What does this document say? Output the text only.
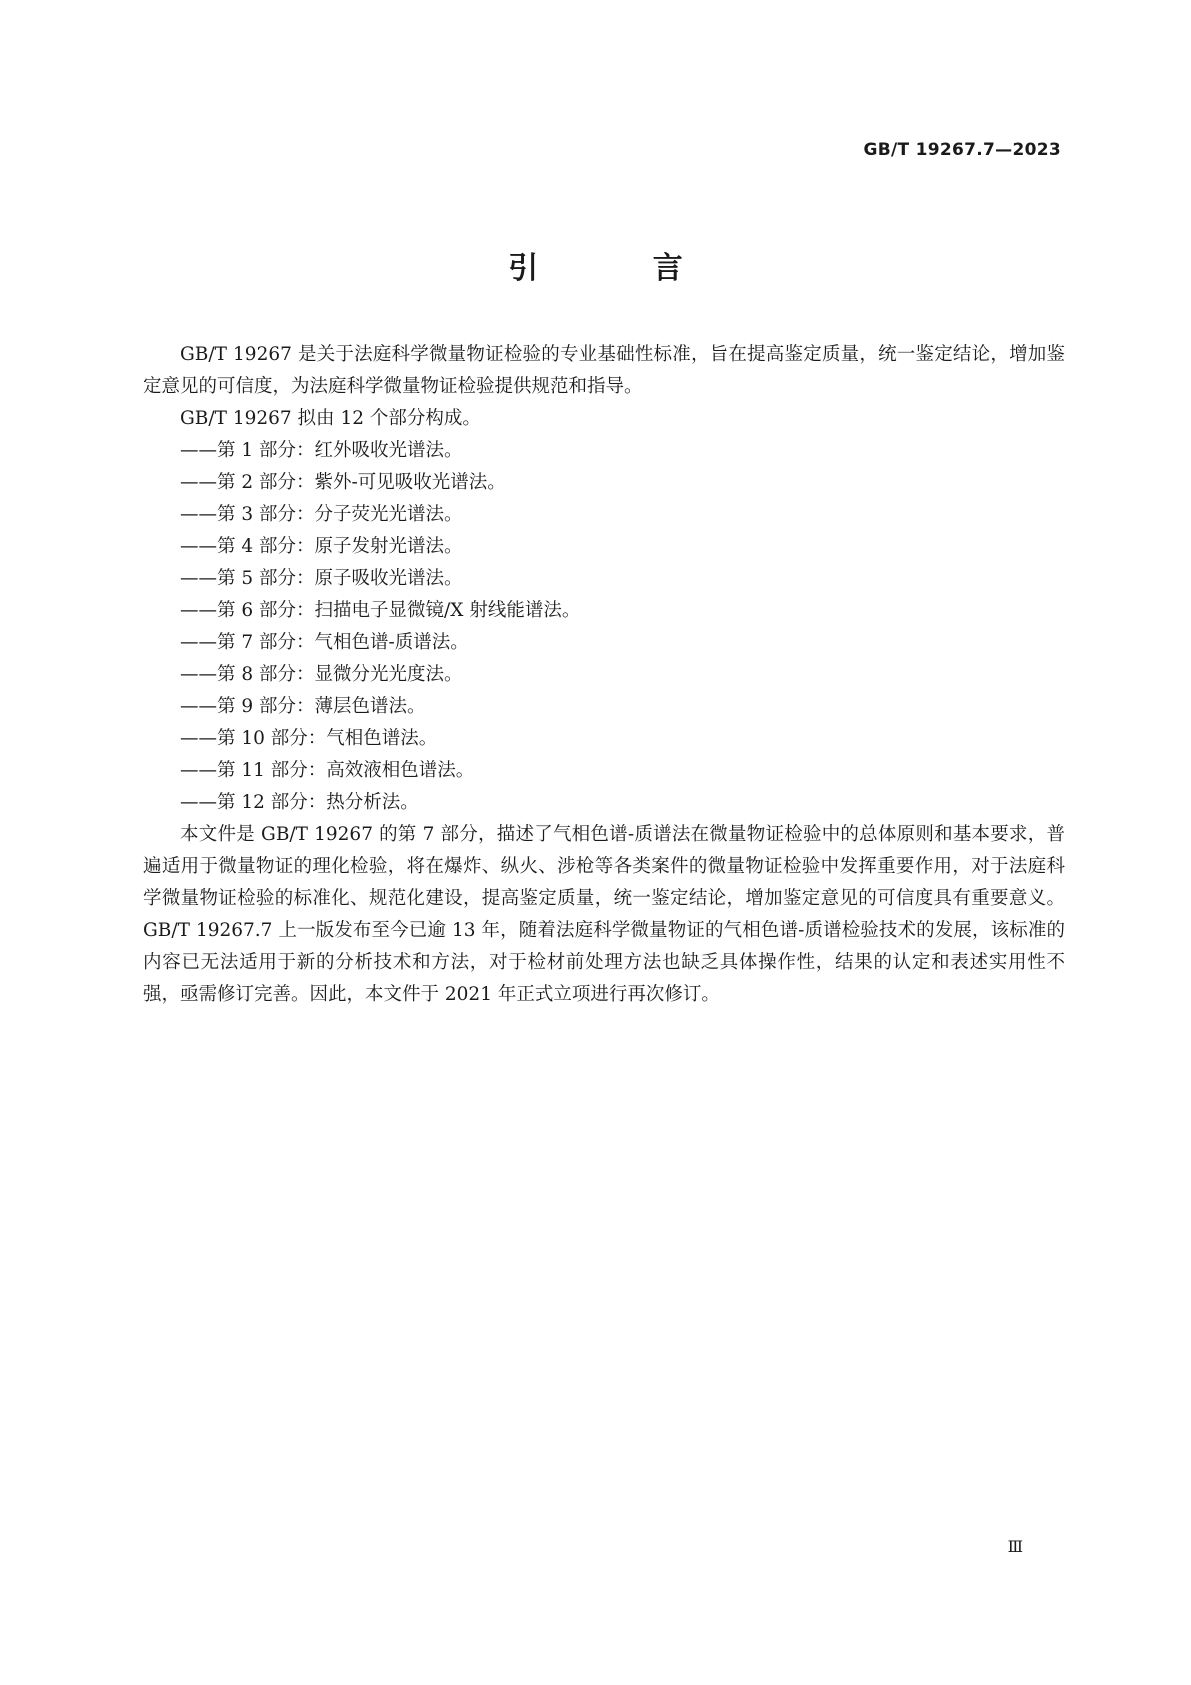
GB/T 19267.7—2023
引 言

GB/T 19267 是关于法庭科学微量物证检验的专业基础性标准，旨在提高鉴定质量，统一鉴定结论，增加鉴定意见的可信度，为法庭科学微量物证检验提供规范和指导。

GB/T 19267 拟由 12 个部分构成。

——第 1 部分：红外吸收光谱法。
——第 2 部分：紫外-可见吸收光谱法。
——第 3 部分：分子荧光光谱法。
——第 4 部分：原子发射光谱法。
——第 5 部分：原子吸收光谱法。
——第 6 部分：扫描电子显微镜/X 射线能谱法。
——第 7 部分：气相色谱-质谱法。
——第 8 部分：显微分光光度法。
——第 9 部分：薄层色谱法。
——第 10 部分：气相色谱法。
——第 11 部分：高效液相色谱法。
——第 12 部分：热分析法。

本文件是 GB/T 19267 的第 7 部分，描述了气相色谱-质谱法在微量物证检验中的总体原则和基本要求，普遍适用于微量物证的理化检验，将在爆炸、纵火、涉枪等各类案件的微量物证检验中发挥重要作用，对于法庭科学微量物证检验的标准化、规范化建设，提高鉴定质量，统一鉴定结论，增加鉴定意见的可信度具有重要意义。GB/T 19267.7 上一版发布至今已逾 13 年，随着法庭科学微量物证的气相色谱-质谱检验技术的发展，该标准的内容已无法适用于新的分析技术和方法，对于检材前处理方法也缺乏具体操作性，结果的认定和表述实用性不强，亟需修订完善。因此，本文件于 2021 年正式立项进行再次修订。

Ⅲ
